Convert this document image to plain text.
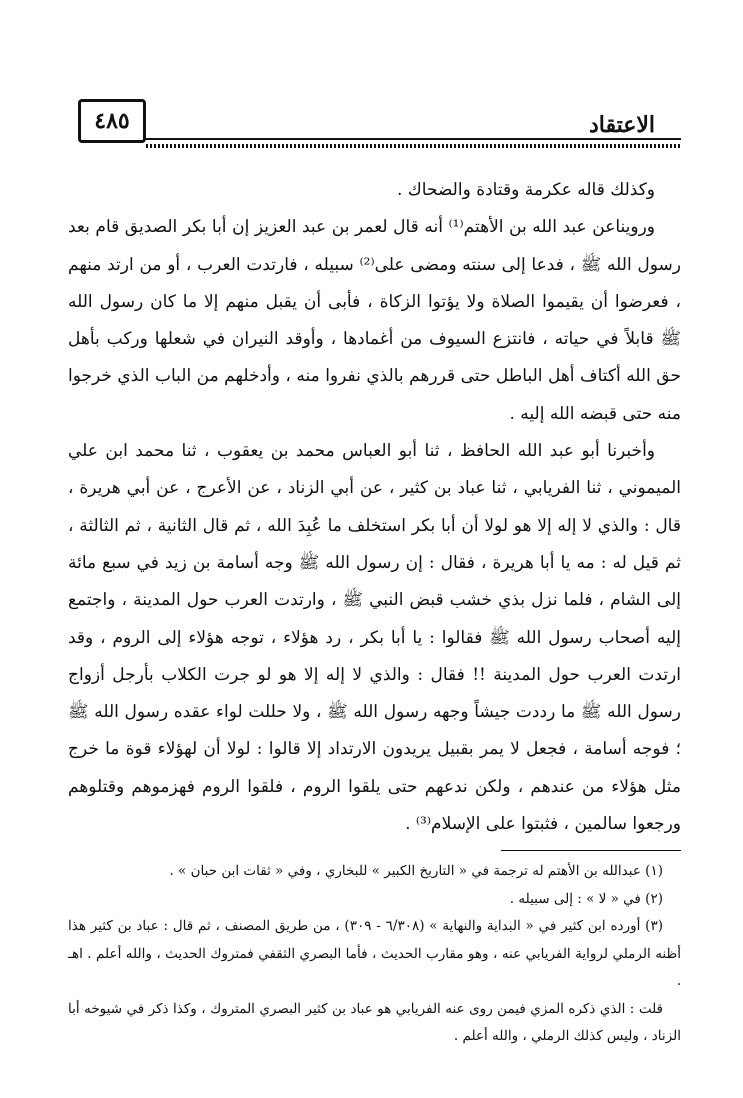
الاعتقاد
٤٨٥

وكذلك قاله عكرمة وقتادة والضحاك .

ورويناعن عبد الله بن الأهتم⁽¹⁾ أنه قال لعمر بن عبد العزيز إن أبا بكر الصديق قام بعد رسول الله ﷺ ، فدعا إلى سنته ومضى على⁽²⁾ سبيله ، فارتدت العرب ، أو من ارتد منهم ، فعرضوا أن يقيموا الصلاة ولا يؤتوا الزكاة ، فأبى أن يقبل منهم إلا ما كان رسول الله ﷺ قابلاً في حياته ، فانتزع السيوف من أغمادها ، وأوقد النيران في شعلها وركب بأهل حق الله أكتاف أهل الباطل حتى قررهم بالذي نفروا منه ، وأدخلهم من الباب الذي خرجوا منه حتى قبضه الله إليه .

وأخبرنا أبو عبد الله الحافظ ، ثنا أبو العباس محمد بن يعقوب ، ثنا محمد ابن علي الميموني ، ثنا الفريابي ، ثنا عباد بن كثير ، عن أبي الزناد ، عن الأعرج ، عن أبي هريرة ، قال : والذي لا إله إلا هو لولا أن أبا بكر استخلف ما عُبِدَ الله ، ثم قال الثانية ، ثم الثالثة ، ثم قيل له : مه يا أبا هريرة ، فقال : إن رسول الله ﷺ وجه أسامة بن زيد في سبع مائة إلى الشام ، فلما نزل بذي خشب قبض النبي ﷺ ، وارتدت العرب حول المدينة ، واجتمع إليه أصحاب رسول الله ﷺ فقالوا : يا أبا بكر ، رد هؤلاء ، توجه هؤلاء إلى الروم ، وقد ارتدت العرب حول المدينة !! فقال : والذي لا إله إلا هو لو جرت الكلاب بأرجل أزواج رسول الله ﷺ ما رددت جيشاً وجهه رسول الله ﷺ ، ولا حللت لواء عقده رسول الله ﷺ ؛ فوجه أسامة ، فجعل لا يمر بقبيل يريدون الارتداد إلا قالوا : لولا أن لهؤلاء قوة ما خرج مثل هؤلاء من عندهم ، ولكن ندعهم حتى يلقوا الروم ، فلقوا الروم فهزموهم وقتلوهم ورجعوا سالمين ، فثبتوا على الإسلام⁽³⁾ .

(١) عبدالله بن الأهتم له ترجمة في « التاريخ الكبير » للبخاري ، وفي « ثقات ابن حبان » .

(٢) في « لا » : إلى سبيله .

(٣) أورده ابن كثير في « البداية والنهاية » (٦/٣٠٨ - ٣٠٩) ، من طريق المصنف ، ثم قال : عباد بن كثير هذا أظنه الرملي لرواية الفريابي عنه ، وهو مقارب الحديث ، فأما البصري الثقفي فمتروك الحديث ، والله أعلم . اهـ .

قلت : الذي ذكره المزي فيمن روى عنه الفريابي هو عباد بن كثير البصري المتروك ، وكذا ذكر في شيوخه أبا الزناد ، وليس كذلك الرملي ، والله أعلم .
